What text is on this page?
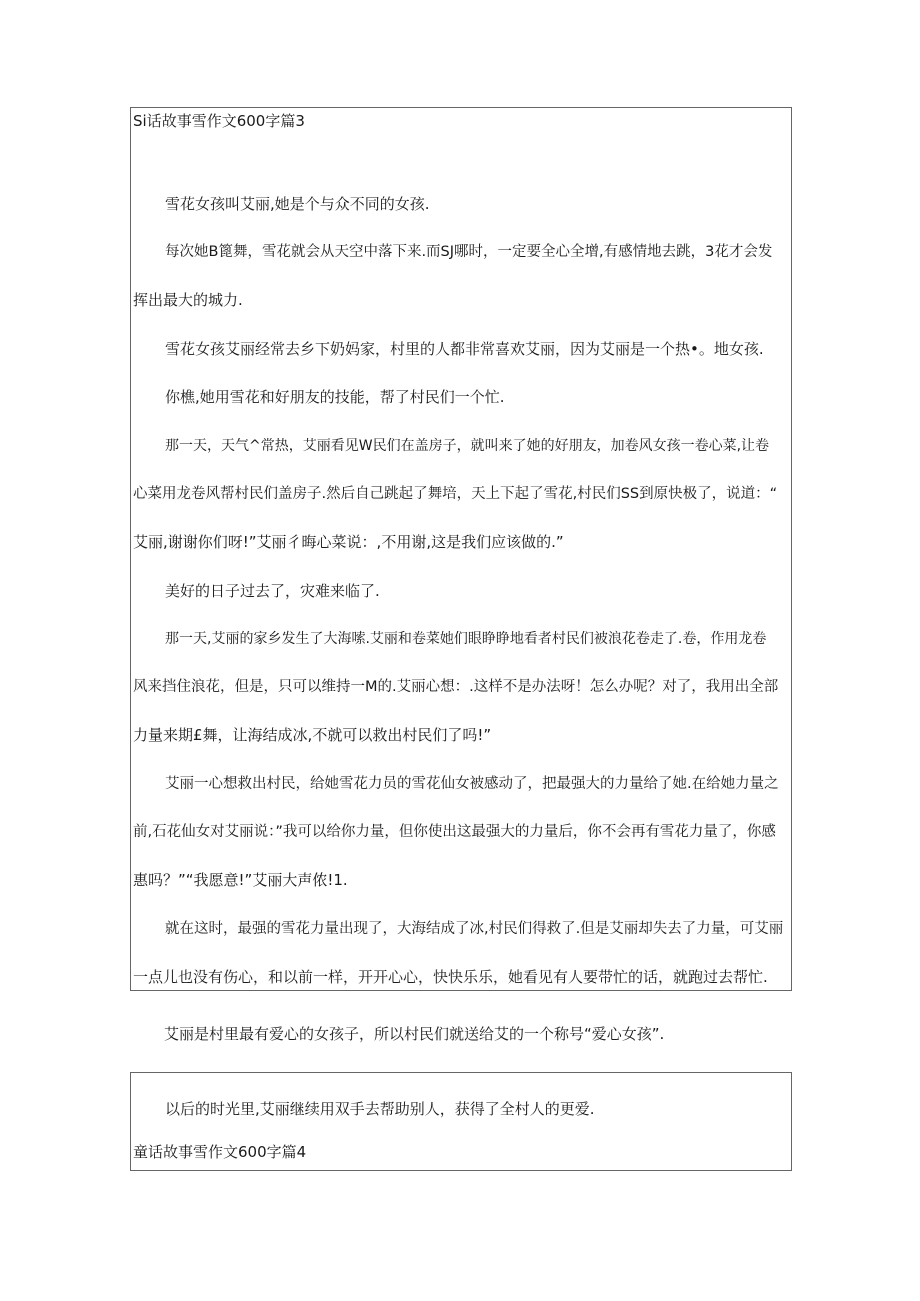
Si话故事雪作文600字篇3
雪花女孩叫艾丽,她是个与众不同的女孩.
每次她B篦舞，雪花就会从天空中落下来.而SJ哪时，一定要全心全增,有感情地去跳，3花才会发
挥出最大的城力.
雪花女孩艾丽经常去乡下奶妈家，村里的人都非常喜欢艾丽，因为艾丽是一个热•。地女孩.
你樵,她用雪花和好朋友的技能，帮了村民们一个忙.
那一天，天气^常热，艾丽看见W民们在盖房子，就叫来了她的好朋友，加卷风女孩一卷心菜,让卷
心菜用龙卷风帮村民们盖房子.然后自己跳起了舞培，天上下起了雪花,村民们SS到原快极了，说道：“
艾丽,谢谢你们呀!”艾丽彳晦心菜说：,不用谢,这是我们应该做的.”
美好的日子过去了，灾难来临了.
那一天,艾丽的家乡发生了大海嗦.艾丽和卷菜她们眼睁睁地看者村民们被浪花卷走了.卷，作用龙卷
风来挡住浪花，但是，只可以维持一M的.艾丽心想：.这样不是办法呀！怎么办呢？对了，我用出全部
力量来期£舞，让海结成冰,不就可以救出村民们了吗!”
艾丽一心想救出村民，给她雪花力员的雪花仙女被感动了，把最强大的力量给了她.在给她力量之
前,石花仙女对艾丽说：”我可以给你力量，但你使出这最强大的力量后，你不会再有雪花力量了，你感
惠吗？”“我愿意!”艾丽大声侬!1.
就在这时，最强的雪花力量出现了，大海结成了冰,村民们得救了.但是艾丽却失去了力量，可艾丽
一点儿也没有伤心，和以前一样，开开心心，快快乐乐，她看见有人要带忙的话，就跑过去帮忙.
艾丽是村里最有爱心的女孩子，所以村民们就送给艾的一个称号“爱心女孩”.
以后的时光里,艾丽继续用双手去帮助别人，获得了全村人的更爱.
童话故事雪作文600字篇4
